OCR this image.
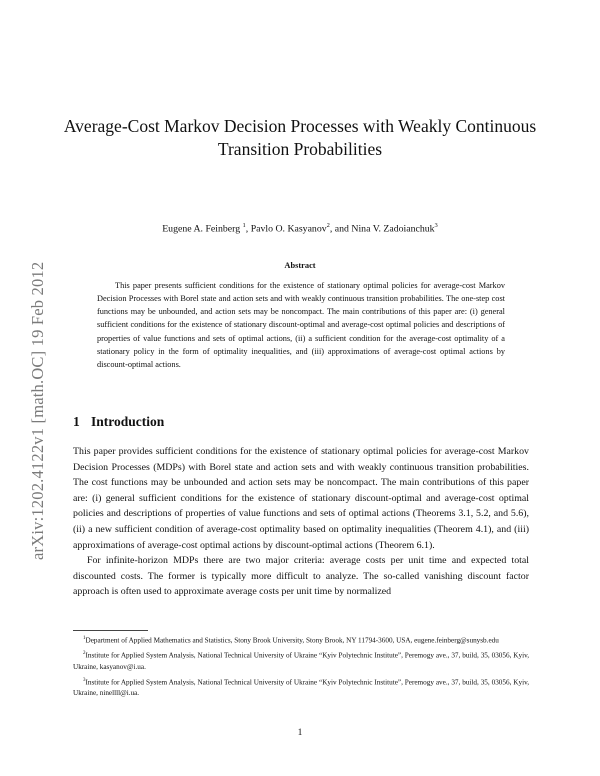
arXiv:1202.4122v1 [math.OC] 19 Feb 2012
Average-Cost Markov Decision Processes with Weakly Continuous
Transition Probabilities
Eugene A. Feinberg $^1$, Pavlo O. Kasyanov$^2$, and Nina V. Zadoianchuk$^3$
Abstract
This paper presents sufficient conditions for the existence of stationary optimal policies for average-cost Markov Decision Processes with Borel state and action sets and with weakly continuous transition probabilities. The one-step cost functions may be unbounded, and action sets may be noncompact. The main contributions of this paper are: (i) general sufficient conditions for the existence of stationary discount-optimal and average-cost optimal policies and descriptions of properties of value functions and sets of optimal actions, (ii) a sufficient condition for the average-cost optimality of a stationary policy in the form of optimality inequalities, and (iii) approximations of average-cost optimal actions by discount-optimal actions.
1 Introduction

This paper provides sufficient conditions for the existence of stationary optimal policies for average-cost Markov Decision Processes (MDPs) with Borel state and action sets and with weakly continuous transition probabilities. The cost functions may be unbounded and action sets may be noncompact. The main contributions of this paper are: (i) general sufficient conditions for the existence of stationary discount-optimal and average-cost optimal policies and descriptions of properties of value functions and sets of optimal actions (Theorems 3.1, 5.2, and 5.6), (ii) a new sufficient condition of average-cost optimality based on optimality inequalities (Theorem 4.1), and (iii) approximations of average-cost optimal actions by discount-optimal actions (Theorem 6.1).

For infinite-horizon MDPs there are two major criteria: average costs per unit time and expected total discounted costs. The former is typically more difficult to analyze. The so-called vanishing discount factor approach is often used to approximate average costs per unit time by normalized

$^1$Department of Applied Mathematics and Statistics, Stony Brook University, Stony Brook, NY 11794-3600, USA, eugene.feinberg@sunysb.edu

$^2$Institute for Applied System Analysis, National Technical University of Ukraine “Kyiv Polytechnic Institute”, Peremogy ave., 37, build, 35, 03056, Kyiv, Ukraine, kasyanov@i.ua.

$^3$Institute for Applied System Analysis, National Technical University of Ukraine “Kyiv Polytechnic Institute”, Peremogy ave., 37, build, 35, 03056, Kyiv, Ukraine, ninellll@i.ua.

1
